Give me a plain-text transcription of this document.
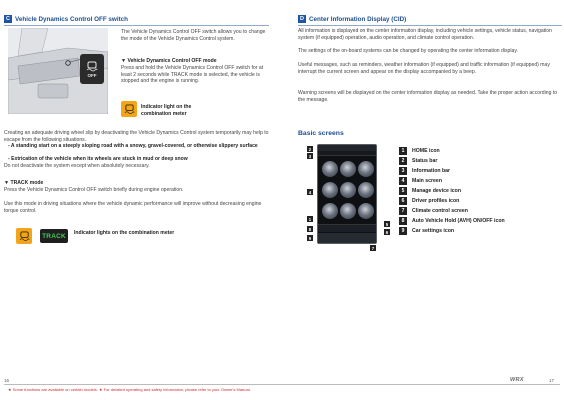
C Vehicle Dynamics Control OFF switch
OFF

The Vehicle Dynamics Control OFF switch allows you to change the mode of the Vehicle Dynamics Control system.

▼ Vehicle Dynamics Control OFF mode

Press and hold the Vehicle Dynamics Control OFF switch for at least 2 seconds while TRACK mode is selected, the vehicle is stopped and the engine is running.

Indicator light on the combination meter

Creating an adequate driving wheel slip by deactivating the Vehicle Dynamics Control system temporarily may help to escape from the following situations.

- A standing start on a steeply sloping road with a snowy, gravel-covered, or otherwise slippery surface

- Extrication of the vehicle when its wheels are stuck in mud or deep snow

Do not deactivate the system except when absolutely necessary.

▼ TRACK mode

Press the Vehicle Dynamics Control OFF switch briefly during engine operation.

Use this mode in driving situations where the vehicle dynamic performance will improve without decreasing engine torque control.

TRACK Indicator lights on the combination meter

D Center Information Display (CID)

All information is displayed on the center information display, including vehicle settings, vehicle status, navigation system (if equipped) operation, audio operation, and climate control operation.

The settings of the on-board systems can be changed by operating the center information display.

Useful messages, such as reminders, weather information (if equipped) and traffic information (if equipped) may interrupt the current screen and appear on the display accompanied by a beep.

Warning screens will be displayed on the center information display as needed. Take the proper action according to the message.

Basic screens
2
3
4
1
8
9
5
6
7
1	HOME icon
2	Status bar
3	Information bar
4	Main screen
5	Manage device icon
6	Driver profiles icon
7	Climate control screen
8	Auto Vehicle Hold (AVH) ON/OFF icon
9	Car settings icon
16	WRX	17
★ Some functions are available on certain models. ★ For detailed operating and safety information, please refer to your Owner's Manual.
